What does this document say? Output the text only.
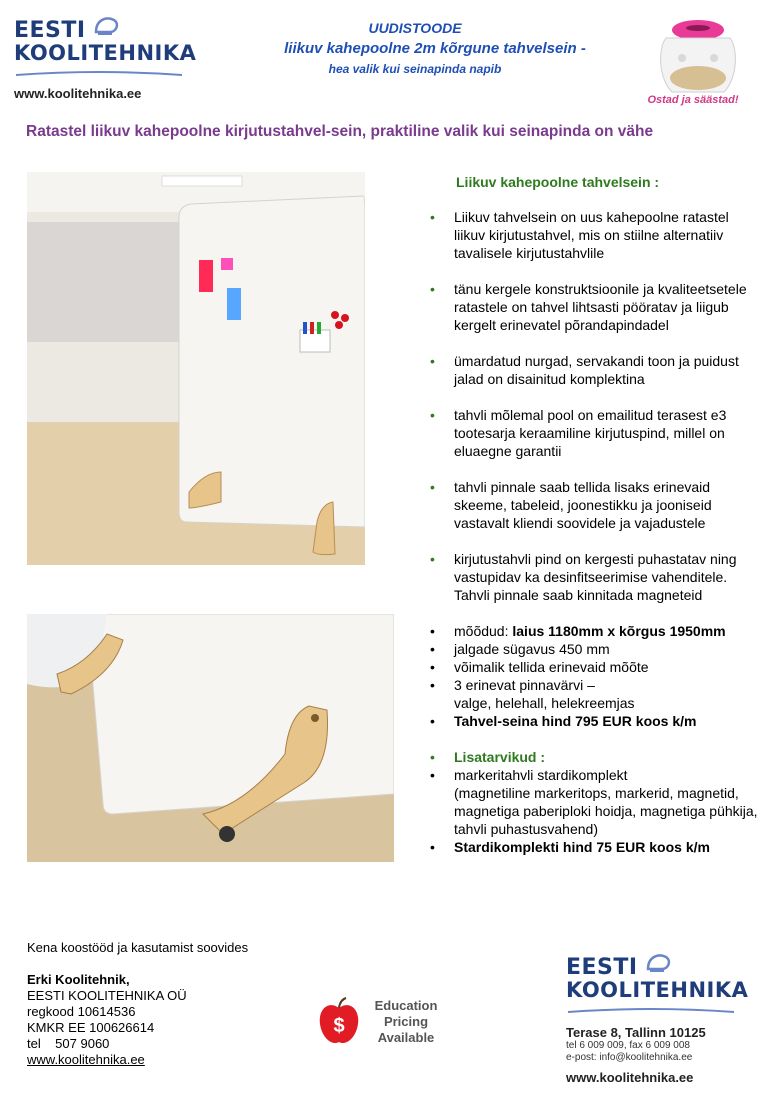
EESTI
KOOLITEHNIKA
www.koolitehnika.ee
UUDISTOODE
liikuv kahepoolne 2m kõrgune tahvelsein -
hea valik kui seinapinda napib
Ostad ja säästad!
Ratastel liikuv kahepoolne kirjutustahvel-sein, praktiline valik kui seinapinda on vähe
Liikuv kahepoolne tahvelsein :
• Liikuv tahvelsein on uus kahepoolne ratastel liikuv kirjutustahvel, mis on stiilne alternatiiv tavalisele kirjutustahvlile
• tänu kergele konstruktsioonile ja kvaliteetsetele ratastele on tahvel lihtsasti pööratav ja liigub kergelt erinevatel põrandapindadel
• ümardatud nurgad, servakandi toon ja puidust jalad on disainitud komplektina
• tahvli mõlemal pool on emailitud terasest e3 tootesarja keraamiline kirjutuspind, millel on eluaegne garantii
• tahvli pinnale saab tellida lisaks erinevaid skeeme, tabeleid, joonestikku ja jooniseid vastavalt kliendi soovidele ja vajadustele
• kirjutustahvli pind on kergesti puhastatav ning vastupidav ka desinfitseerimise vahenditele. Tahvli pinnale saab kinnitada magneteid
• mõõdud: laius 1180mm x kõrgus 1950mm
• jalgade sügavus 450 mm
• võimalik tellida erinevaid mõõte
• 3 erinevat pinnavärvi –
valge, helehall, helekreemjas
• Tahvel-seina hind 795 EUR koos k/m
• Lisatarvikud :
• markeritahvli stardikomplekt
(magnetiline markeritops, markerid, magnetid, magnetiga paberiploki hoidja, magnetiga pühkija, tahvli puhastusvahend)
• Stardikomplekti hind 75 EUR koos k/m
Kena koostööd ja kasutamist soovides
Erki Koolitehnik,
EESTI KOOLITEHNIKA OÜ
regkood 10614536
KMKR EE 100626614
tel    507 9060
www.koolitehnika.ee
$
Education
Pricing
Available
EESTI
KOOLITEHNIKA
Terase 8, Tallinn 10125
tel 6 009 009, fax 6 009 008
e-post: info@koolitehnika.ee
www.koolitehnika.ee
